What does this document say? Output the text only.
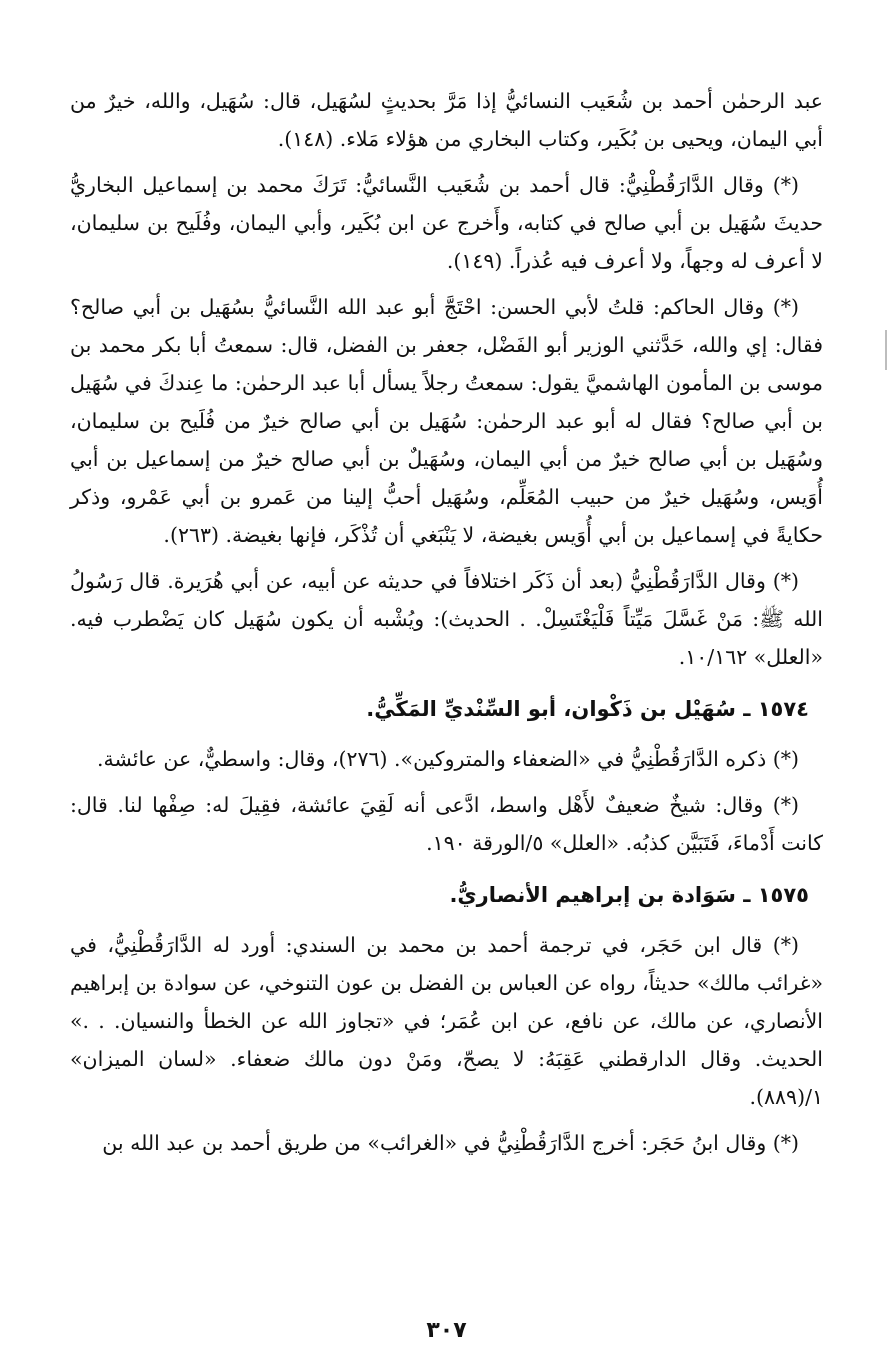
عبد الرحمٰن أحمد بن شُعَيب النسائيُّ إذا مَرَّ بحديثٍ لسُهَيل، قال: سُهَيل، والله، خيرٌ من أبي اليمان، ويحيى بن بُكَير، وكتاب البخاري من هؤلاء مَلاء. (١٤٨).

(*) وقال الدَّارَقُطْنِيُّ: قال أحمد بن شُعَيب النَّسائيُّ: تَرَكَ محمد بن إسماعيل البخاريُّ حديثَ سُهَيل بن أبي صالح في كتابه، وأَخرج عن ابن بُكَير، وأبي اليمان، وفُلَيح بن سليمان، لا أعرف له وجهاً، ولا أعرف فيه عُذراً. (١٤٩).

(*) وقال الحاكم: قلتُ لأبي الحسن: احْتَجَّ أبو عبد الله النَّسائيُّ بسُهَيل بن أبي صالح؟ فقال: إي والله، حَدَّثني الوزير أبو الفَضْل، جعفر بن الفضل، قال: سمعتُ أبا بكر محمد بن موسى بن المأمون الهاشميَّ يقول: سمعتُ رجلاً يسأل أبا عبد الرحمٰن: ما عِندكَ في سُهَيل بن أبي صالح؟ فقال له أبو عبد الرحمٰن: سُهَيل بن أبي صالح خيرٌ من فُلَيح بن سليمان، وسُهَيل بن أبي صالح خيرٌ من أبي اليمان، وسُهَيلٌ بن أبي صالح خيرٌ من إسماعيل بن أبي أُوَيس، وسُهَيل خيرٌ من حبيب المُعَلِّم، وسُهَيل أحبُّ إلينا من عَمرو بن أبي عَمْرو، وذكر حكايةً في إسماعيل بن أبي أُوَيس بغيضة، لا يَنْبَغي أن تُذْكَر، فإنها بغيضة. (٢٦٣).

(*) وقال الدَّارَقُطْنِيُّ (بعد أن ذَكَر اختلافاً في حديثه عن أبيه، عن أبي هُرَيرة. قال رَسُولُ الله ﷺ: مَنْ غَسَّلَ مَيِّتاً فَلْيَغْتَسِلْ. . الحديث): ويُشْبه أن يكون سُهَيل كان يَضْطرب فيه. «العلل» ١٠/١٦٢.

١٥٧٤ ـ سُهَيْل بن ذَكْوان، أبو السِّنْديِّ المَكِّيُّ.

(*) ذكره الدَّارَقُطْنِيُّ في «الضعفاء والمتروكين». (٢٧٦)، وقال: واسطيٌّ، عن عائشة.

(*) وقال: شيخٌ ضعيفٌ لأَهْل واسط، ادَّعى أنه لَقِيَ عائشة، فقِيلَ له: صِفْها لنا. قال: كانت أَدْماءَ، فَتَبَيَّن كذبُه. «العلل» ٥/الورقة ١٩٠.

١٥٧٥ ـ سَوَادة بن إبراهيم الأنصاريُّ.

(*) قال ابن حَجَر، في ترجمة أحمد بن محمد بن السندي: أورد له الدَّارَقُطْنِيُّ، في «غرائب مالك» حديثاً، رواه عن العباس بن الفضل بن عون التنوخي، عن سوادة بن إبراهيم الأنصاري، عن مالك، عن نافع، عن ابن عُمَر؛ في «تجاوز الله عن الخطأ والنسيان. . .» الحديث. وقال الدارقطني عَقِبَهُ: لا يصحّ، ومَنْ دون مالك ضعفاء. «لسان الميزان» ١/(٨٨٩).

(*) وقال ابنُ حَجَر: أخرج الدَّارَقُطْنِيُّ في «الغرائب» من طريق أحمد بن عبد الله بن

٣٠٧
